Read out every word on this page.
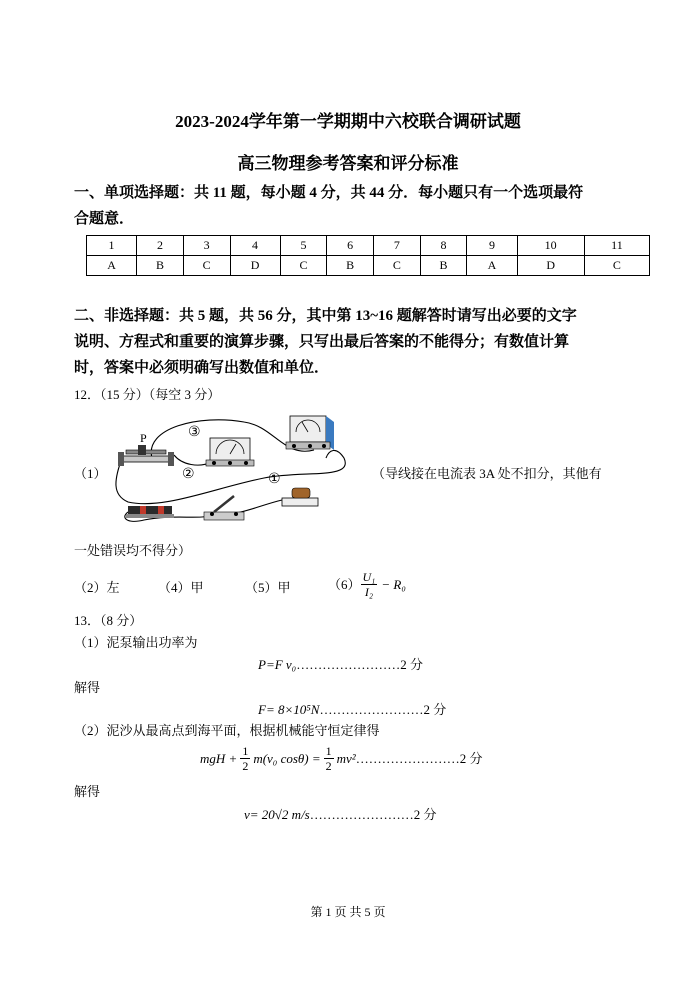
2023-2024学年第一学期期中六校联合调研试题
高三物理参考答案和评分标准
一、单项选择题：共 11 题，每小题 4 分，共 44 分．每小题只有一个选项最符
合题意．
1	2	3	4	5	6	7	8	9	10	11
A	B	C	D	C	B	C	B	A	D	C
二、非选择题：共 5 题，共 56 分，其中第 13~16 题解答时请写出必要的文字
说明、方程式和重要的演算步骤，只写出最后答案的不能得分；有数值计算
时，答案中必须明确写出数值和单位．
12．（15 分）（每空 3 分）
（1）
P	③
②	①	（导线接在电流表 3A 处不扣分，其他有
一处错误均不得分）
（2）左	（4）甲	（5）甲	$(6) \frac{\text{U₁}}{\text{I₂}} - R_0$
13．（8 分）
（1）泥泵输出功率为
P=F v₀……………………2 分
解得
F= 8×10⁵N……………………2 分
（2）泥沙从最高点到海平面，根据机械能守恒定律得
mgH + $\frac{1}{2} m(v_0$ $\cos\theta) = \frac{1}{2} mv^2$ ……………………2 分
解得
v= 20√2 m/s……………………2 分
第 1 页 共 5 页
